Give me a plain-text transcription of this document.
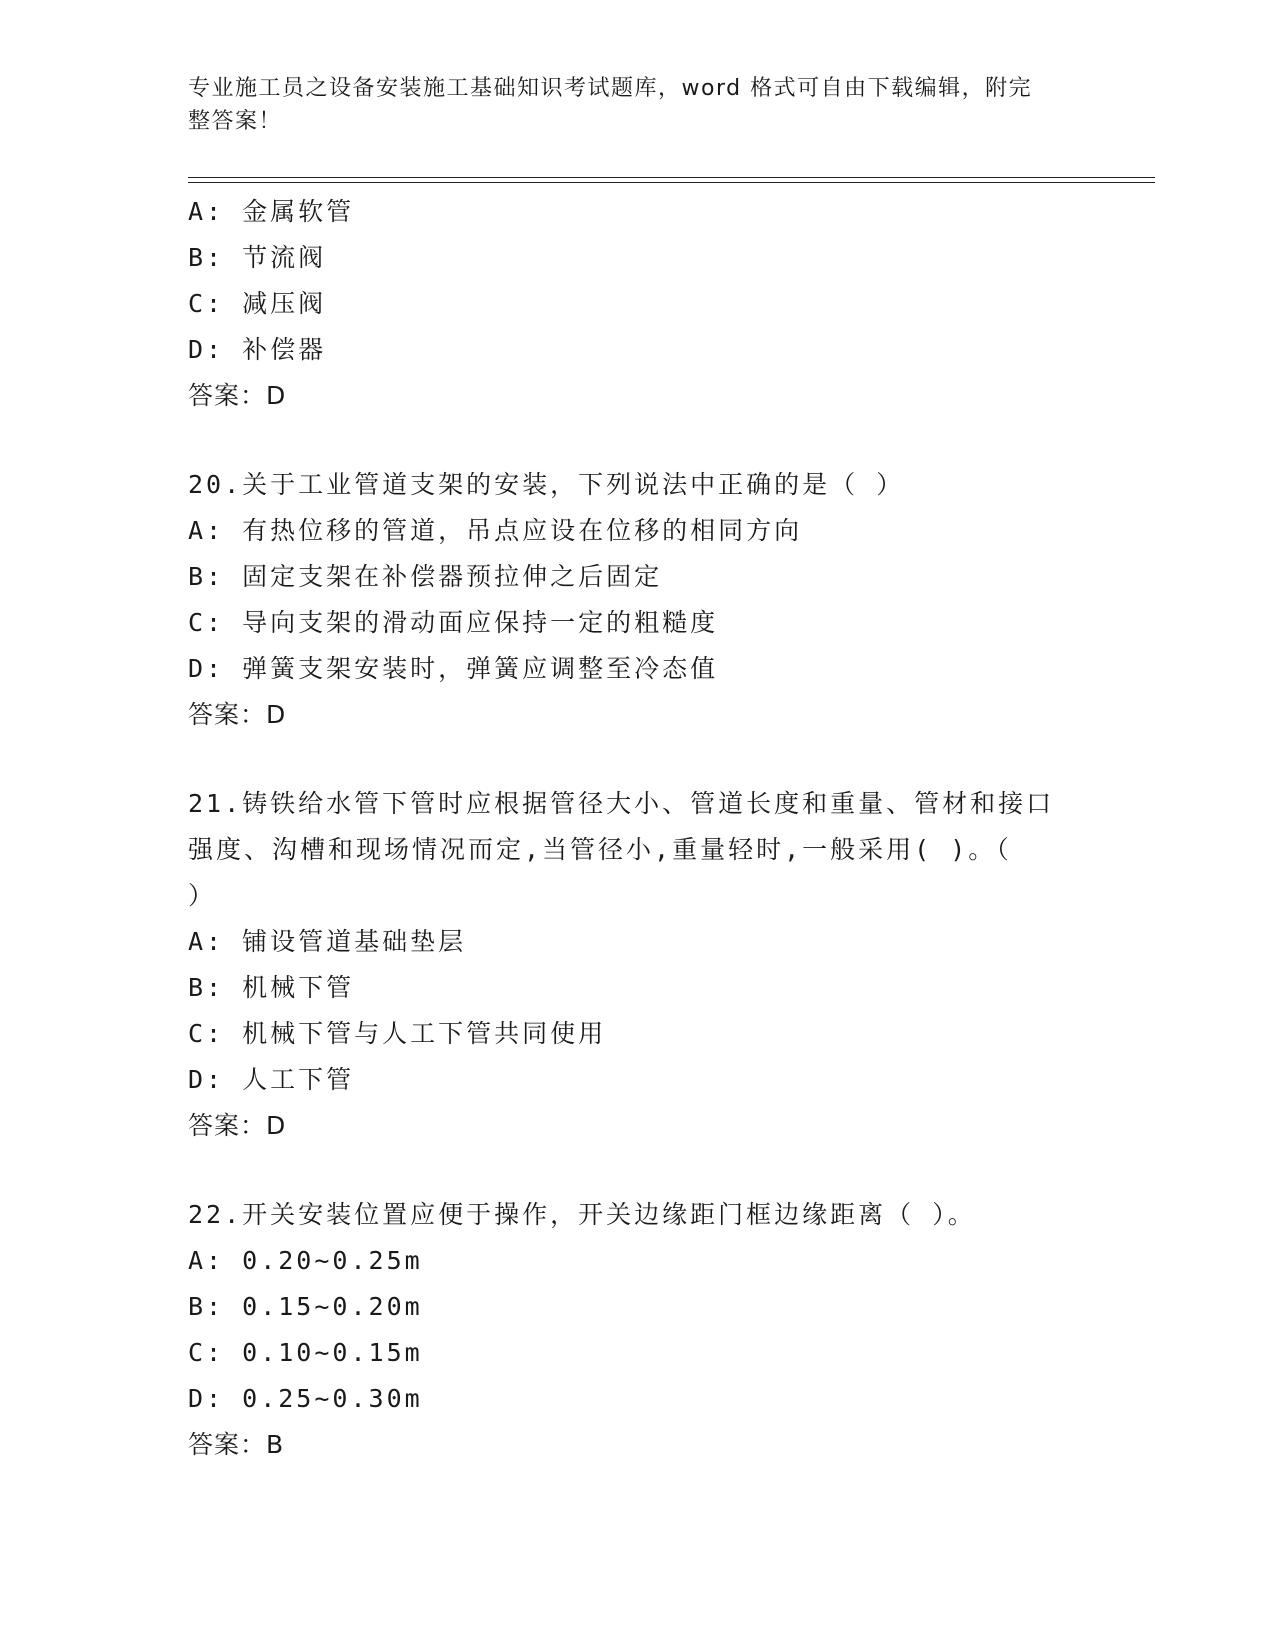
专业施工员之设备安装施工基础知识考试题库，word 格式可自由下载编辑，附完
整答案！
A: 金属软管
B: 节流阀
C: 减压阀
D: 补偿器
答案：D
20.关于工业管道支架的安装，下列说法中正确的是（ ）
A: 有热位移的管道，吊点应设在位移的相同方向
B: 固定支架在补偿器预拉伸之后固定
C: 导向支架的滑动面应保持一定的粗糙度
D: 弹簧支架安装时，弹簧应调整至冷态值
答案：D
21.铸铁给水管下管时应根据管径大小、管道长度和重量、管材和接口
强度、沟槽和现场情况而定,当管径小,重量轻时,一般采用( )。（
）
A: 铺设管道基础垫层
B: 机械下管
C: 机械下管与人工下管共同使用
D: 人工下管
答案：D
22.开关安装位置应便于操作，开关边缘距门框边缘距离（ ）。
A: 0.20~0.25m
B: 0.15~0.20m
C: 0.10~0.15m
D: 0.25~0.30m
答案：B
